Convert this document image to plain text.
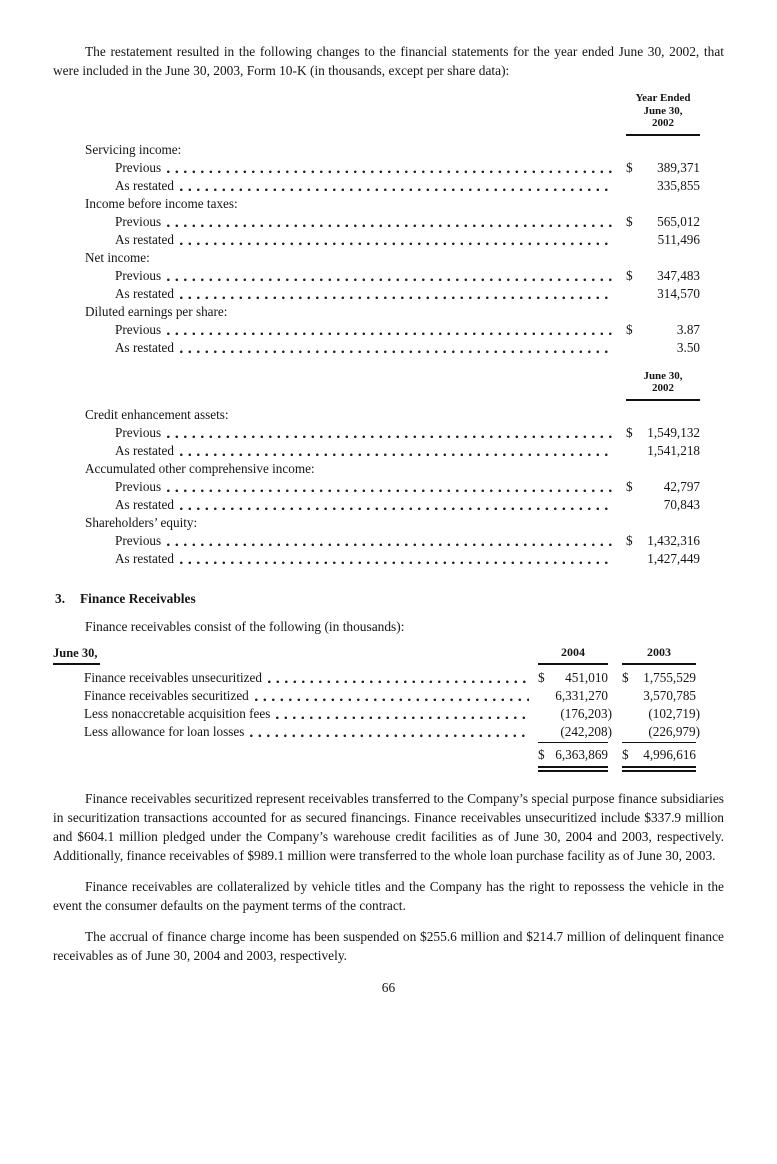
The restatement resulted in the following changes to the financial statements for the year ended June 30, 2002, that were included in the June 30, 2003, Form 10-K (in thousands, except per share data):

Year Ended
June 30,
2002
Servicing income:
Previous	$ 389,371
As restated	335,855
Income before income taxes:
Previous	$ 565,012
As restated	511,496
Net income:
Previous	$ 347,483
As restated	314,570
Diluted earnings per share:
Previous	$	3.87
As restated	3.50
June 30,
2002
Credit enhancement assets:
Previous	$ 1,549,132
As restated	1,541,218
Accumulated other comprehensive income:
Previous	$ 42,797
As restated	70,843
Shareholders’ equity:
Previous	$ 1,432,316
As restated	1,427,449
3.	Finance Receivables

Finance receivables consist of the following (in thousands):

June 30,	2004	2003
Finance receivables unsecuritized	$ 451,010 $ 1,755,529
Finance receivables securitized	6,331,270	3,570,785
Less nonaccretable acquisition fees	(176,203)	(102,719)
Less allowance for loan losses	(242,208)	(226,979)
$ 6,363,869 $ 4,996,616

Finance receivables securitized represent receivables transferred to the Company’s special purpose finance subsidiaries in securitization transactions accounted for as secured financings. Finance receivables unsecuritized include $337.9 million and $604.1 million pledged under the Company’s warehouse credit facilities as of June 30, 2004 and 2003, respectively. Additionally, finance receivables of $989.1 million were transferred to the whole loan purchase facility as of June 30, 2003.

Finance receivables are collateralized by vehicle titles and the Company has the right to repossess the vehicle in the event the consumer defaults on the payment terms of the contract.

The accrual of finance charge income has been suspended on $255.6 million and $214.7 million of delinquent finance receivables as of June 30, 2004 and 2003, respectively.

66
